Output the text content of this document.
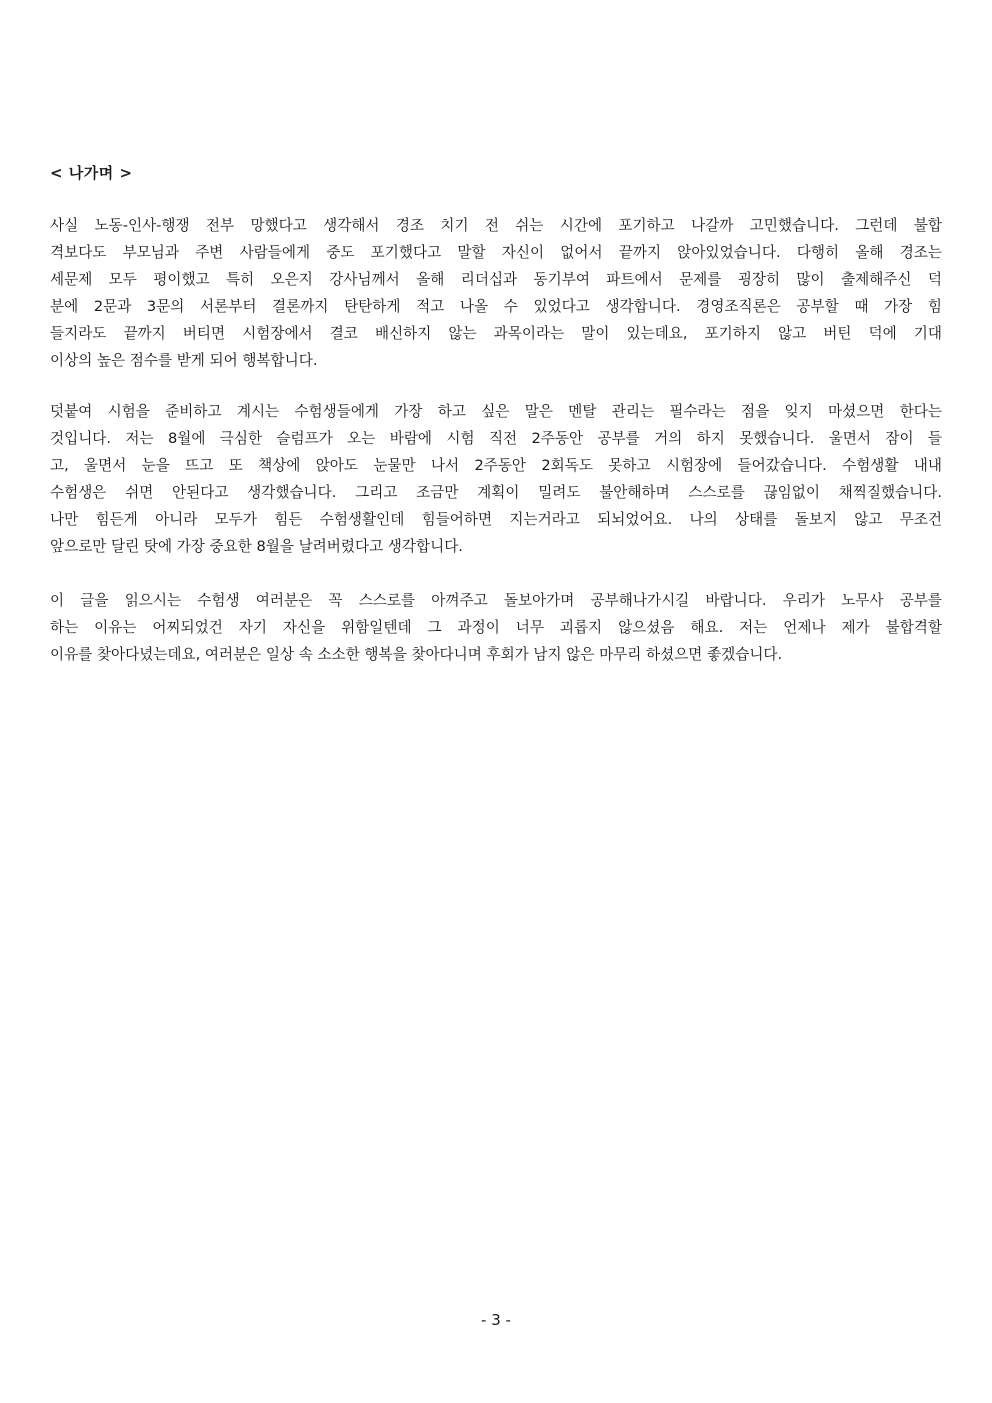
< 나가며 >
사실 노동-인사-행쟁 전부 망했다고 생각해서 경조 치기 전 쉬는 시간에 포기하고 나갈까 고민했습니다. 그런데 불합
격보다도 부모님과 주변 사람들에게 중도 포기했다고 말할 자신이 없어서 끝까지 앉아있었습니다. 다행히 올해 경조는
세문제 모두 평이했고 특히 오은지 강사님께서 올해 리더십과 동기부여 파트에서 문제를 굉장히 많이 출제해주신 덕
분에 2문과 3문의 서론부터 결론까지 탄탄하게 적고 나올 수 있었다고 생각합니다. 경영조직론은 공부할 때 가장 힘
들지라도 끝까지 버티면 시험장에서 결코 배신하지 않는 과목이라는 말이 있는데요, 포기하지 않고 버틴 덕에 기대
이상의 높은 점수를 받게 되어 행복합니다.
덧붙여 시험을 준비하고 계시는 수험생들에게 가장 하고 싶은 말은 멘탈 관리는 필수라는 점을 잊지 마셨으면 한다는
것입니다. 저는 8월에 극심한 슬럼프가 오는 바람에 시험 직전 2주동안 공부를 거의 하지 못했습니다. 울면서 잠이 들
고, 울면서 눈을 뜨고 또 책상에 앉아도 눈물만 나서 2주동안 2회독도 못하고 시험장에 들어갔습니다. 수험생활 내내
수험생은 쉬면 안된다고 생각했습니다. 그리고 조금만 계획이 밀려도 불안해하며 스스로를 끊임없이 채찍질했습니다.
나만 힘든게 아니라 모두가 힘든 수험생활인데 힘들어하면 지는거라고 되뇌었어요. 나의 상태를 돌보지 않고 무조건
앞으로만 달린 탓에 가장 중요한 8월을 날려버렸다고 생각합니다.
이 글을 읽으시는 수험생 여러분은 꼭 스스로를 아껴주고 돌보아가며 공부해나가시길 바랍니다. 우리가 노무사 공부를
하는 이유는 어찌되었건 자기 자신을 위함일텐데 그 과정이 너무 괴롭지 않으셨음 해요. 저는 언제나 제가 불합격할
이유를 찾아다녔는데요, 여러분은 일상 속 소소한 행복을 찾아다니며 후회가 남지 않은 마무리 하셨으면 좋겠습니다.
- 3 -
